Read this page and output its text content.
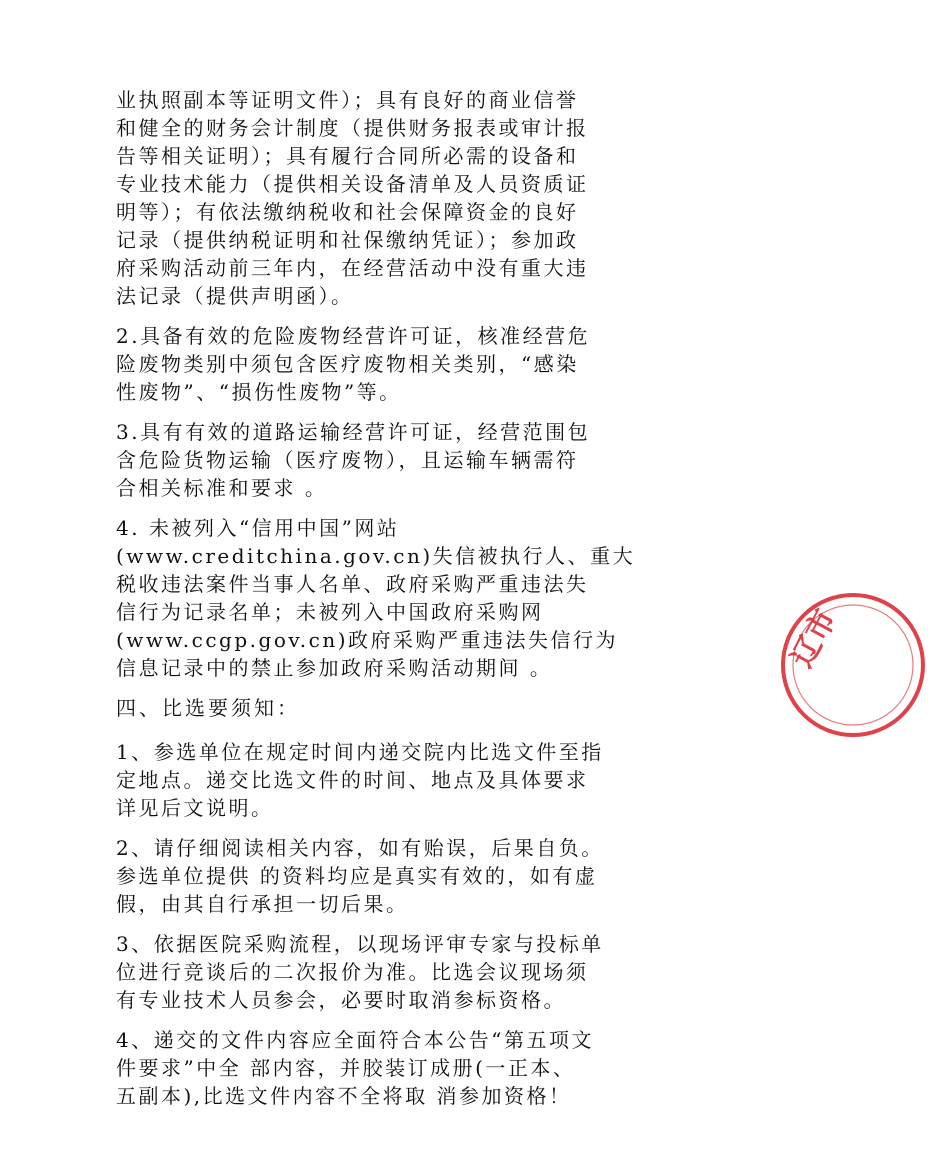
业执照副本等证明文件）；具有良好的商业信誉
和健全的财务会计制度（提供财务报表或审计报
告等相关证明）；具有履行合同所必需的设备和
专业技术能力（提供相关设备清单及人员资质证
明等）；有依法缴纳税收和社会保障资金的良好
记录（提供纳税证明和社保缴纳凭证）；参加政
府采购活动前三年内，在经营活动中没有重大违
法记录（提供声明函）。

2.具备有效的危险废物经营许可证，核准经营危
险废物类别中须包含医疗废物相关类别，“感染
性废物”、“损伤性废物”等。

3.具有有效的道路运输经营许可证，经营范围包
含危险货物运输（医疗废物），且运输车辆需符
合相关标准和要求 。

4. 未被列入“信用中国”网站
(www.creditchina.gov.cn)失信被执行人、重大
税收违法案件当事人名单、政府采购严重违法失
信行为记录名单；未被列入中国政府采购网
(www.ccgp.gov.cn)政府采购严重违法失信行为
信息记录中的禁止参加政府采购活动期间 。

四、比选要须知：

1、参选单位在规定时间内递交院内比选文件至指
定地点。递交比选文件的时间、地点及具体要求
详见后文说明。

2、请仔细阅读相关内容，如有贻误，后果自负。
参选单位提供 的资料均应是真实有效的，如有虚
假，由其自行承担一切后果。

3、依据医院采购流程，以现场评审专家与投标单
位进行竞谈后的二次报价为准。比选会议现场须
有专业技术人员参会，必要时取消参标资格。

4、递交的文件内容应全面符合本公告“第五项文
件要求”中全 部内容，并胶装订成册(一正本、
五副本),比选文件内容不全将取 消参加资格！

辽市
